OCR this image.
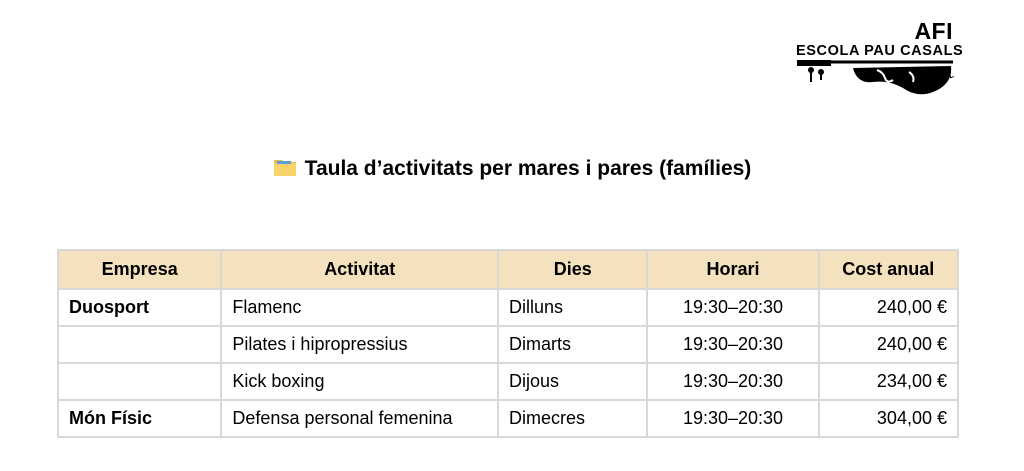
AFI
ESCOLA PAU CASALS
SABADELL
Taula d’activitats per mares i pares (famílies)
Empresa	Activitat	Dies	Horari	Cost anual
Duosport	Flamenc	Dilluns	19:30–20:30	240,00 €
	Pilates i hipropressius	Dimarts	19:30–20:30	240,00 €
	Kick boxing	Dijous	19:30–20:30	234,00 €
Món Físic	Defensa personal femenina	Dimecres	19:30–20:30	304,00 €
